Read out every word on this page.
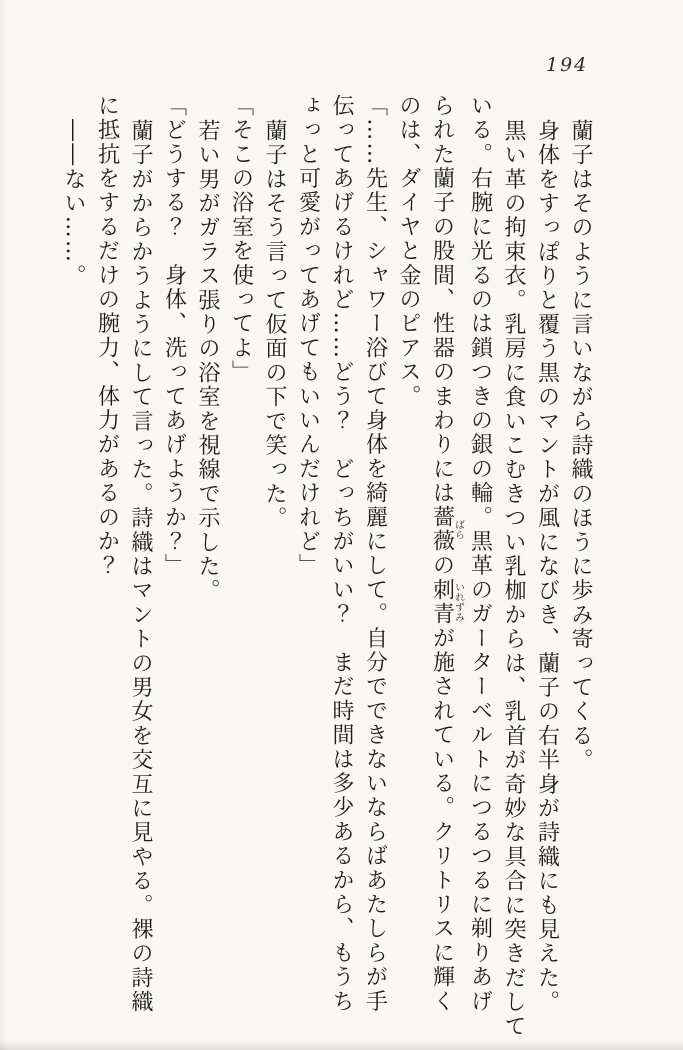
194
蘭子はそのように言いながら詩織のほうに歩み寄ってくる。
身体をすっぽりと覆う黒のマントが風になびき、蘭子の右半身が詩織にも見えた。
黒い革の拘束衣。乳房に食いこむきつい乳枷からは、乳首が奇妙な具合に突きだして
いる。右腕に光るのは鎖つきの銀の輪。黒革のガーターベルトにつるつるに剃りあげ
られた蘭子の股間、性器のまわりには薔薇ばらの刺青いれずみが施されている。クリトリスに輝く
のは、ダイヤと金のピアス。
「……先生、シャワー浴びて身体を綺麗にして。自分でできないならばあたしらが手
伝ってあげるけれど……どう？　どっちがいい？　まだ時間は多少あるから、もうち
ょっと可愛がってあげてもいいんだけれど」
蘭子はそう言って仮面の下で笑った。
「そこの浴室を使ってよ」
若い男がガラス張りの浴室を視線で示した。
「どうする？　身体、洗ってあげようか？」
蘭子がからかうようにして言った。詩織はマントの男女を交互に見やる。裸の詩織
に抵抗をするだけの腕力、体力があるのか？
――ない……。
